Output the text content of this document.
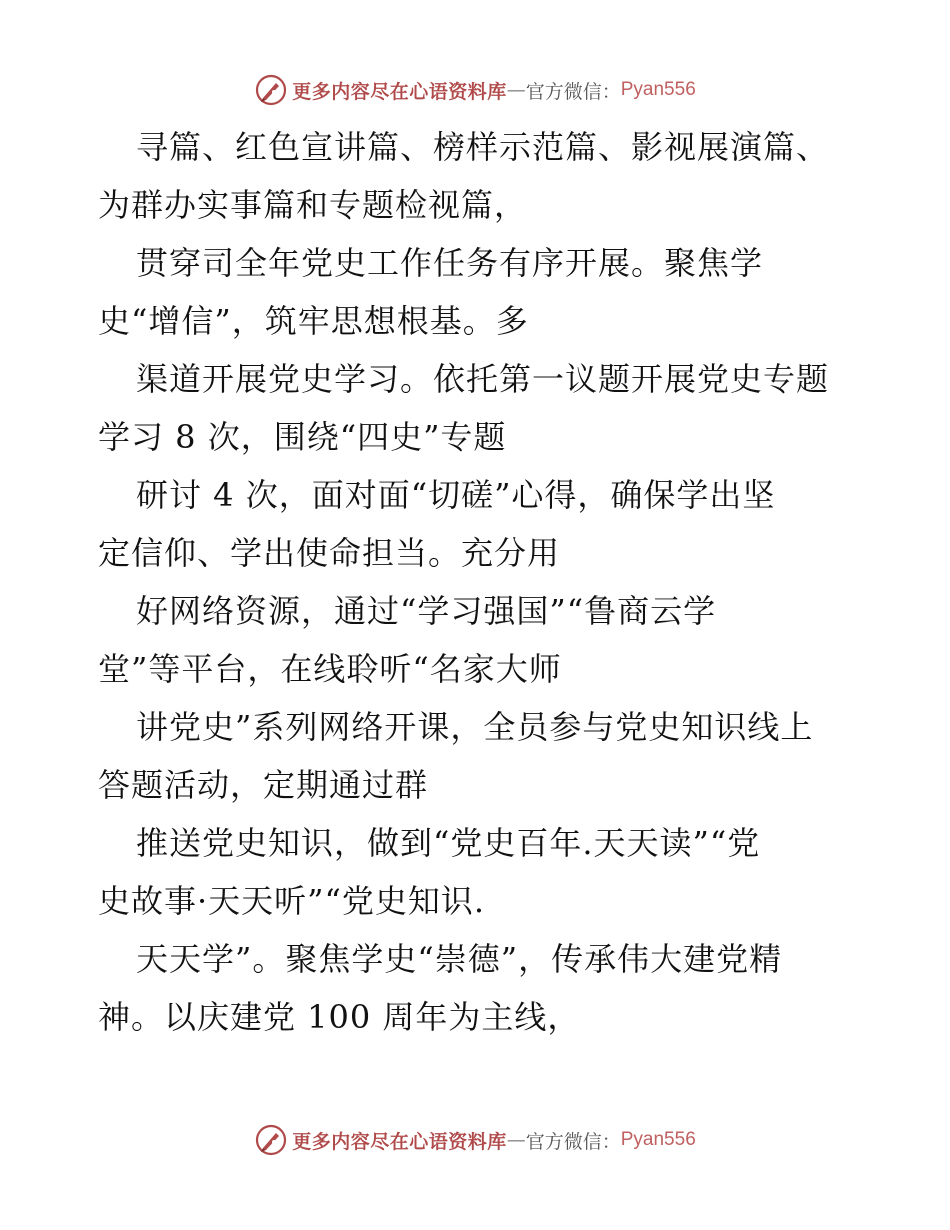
更多内容尽在心语资料库 — 官方微信： Pyan556
寻篇、红色宣讲篇、榜样示范篇、影视展演篇、
为群办实事篇和专题检视篇，
贯穿司全年党史工作任务有序开展。聚焦学
史“增信”，筑牢思想根基。多
渠道开展党史学习。依托第一议题开展党史专题
学习 8 次，围绕“四史”专题
研讨 4 次，面对面“切磋”心得，确保学出坚
定信仰、学出使命担当。充分用
好网络资源，通过“学习强国”“鲁商云学
堂”等平台，在线聆听“名家大师
讲党史”系列网络开课，全员参与党史知识线上
答题活动，定期通过群
推送党史知识，做到“党史百年.天天读”“党
史故事·天天听”“党史知识.
天天学”。聚焦学史“崇德”，传承伟大建党精
神。以庆建党 100 周年为主线，
更多内容尽在心语资料库 — 官方微信： Pyan556
